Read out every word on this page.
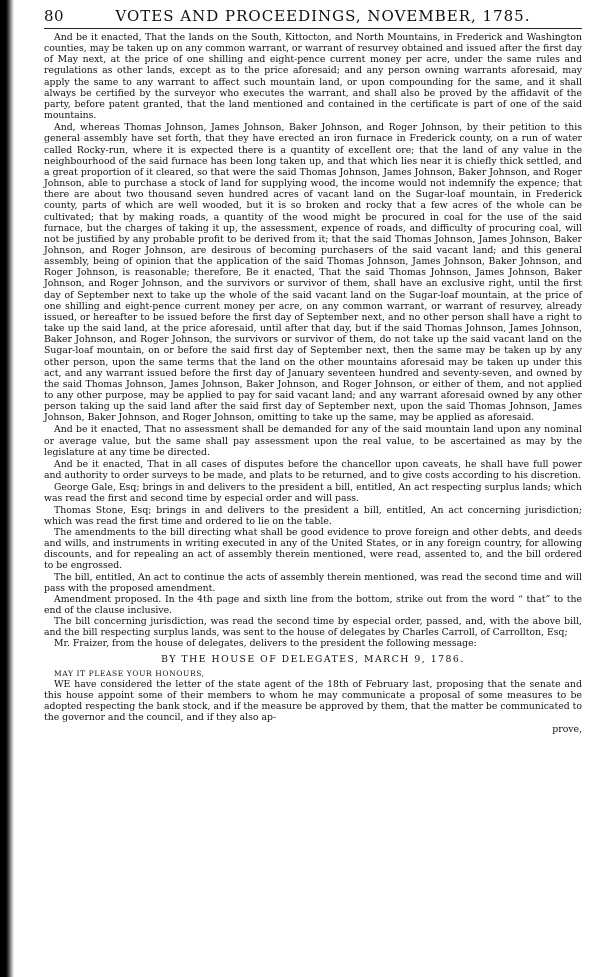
80	VOTES AND PROCEEDINGS, NOVEMBER, 1785.

And be it enacted, That the lands on the South, Kittocton, and North Mountains, in Frederick and Washington counties, may be taken up on any common warrant, or warrant of resurvey obtained and issued after the first day of May next, at the price of one shilling and eight-pence current money per acre, under the same rules and regulations as other lands, except as to the price aforesaid; and any person owning warrants aforesaid, may apply the same to any warrant to affect such mountain land, or upon compounding for the same, and it shall always be certified by the surveyor who executes the warrant, and shall also be proved by the affidavit of the party, before patent granted, that the land mentioned and contained in the certificate is part of one of the said mountains.

And, whereas Thomas Johnson, James Johnson, Baker Johnson, and Roger Johnson, by their petition to this general assembly have set forth, that they have erected an iron furnace in Frederick county, on a run of water called Rocky-run, where it is expected there is a quantity of excellent ore; that the land of any value in the neighbourhood of the said furnace has been long taken up, and that which lies near it is chiefly thick settled, and a great proportion of it cleared, so that were the said Thomas Johnson, James Johnson, Baker Johnson, and Roger Johnson, able to purchase a stock of land for supplying wood, the income would not indemnify the expence; that there are about two thousand seven hundred acres of vacant land on the Sugar-loaf mountain, in Frederick county, parts of which are well wooded, but it is so broken and rocky that a few acres of the whole can be cultivated; that by making roads, a quantity of the wood might be procured in coal for the use of the said furnace, but the charges of taking it up, the assessment, expence of roads, and difficulty of procuring coal, will not be justified by any probable profit to be derived from it; that the said Thomas Johnson, James Johnson, Baker Johnson, and Roger Johnson, are desirous of becoming purchasers of the said vacant land; and this general assembly, being of opinion that the application of the said Thomas Johnson, James Johnson, Baker Johnson, and Roger Johnson, is reasonable; therefore, Be it enacted, That the said Thomas Johnson, James Johnson, Baker Johnson, and Roger Johnson, and the survivors or survivor of them, shall have an exclusive right, until the first day of September next to take up the whole of the said vacant land on the Sugar-loaf mountain, at the price of one shilling and eight-pence current money per acre, on any common warrant, or warrant of resurvey, already issued, or hereafter to be issued before the first day of September next, and no other person shall have a right to take up the said land, at the price aforesaid, until after that day, but if the said Thomas Johnson, James Johnson, Baker Johnson, and Roger Johnson, the survivors or survivor of them, do not take up the said vacant land on the Sugar-loaf mountain, on or before the said first day of September next, then the same may be taken up by any other person, upon the same terms that the land on the other mountains aforesaid may be taken up under this act, and any warrant issued before the first day of January seventeen hundred and seventy-seven, and owned by the said Thomas Johnson, James Johnson, Baker Johnson, and Roger Johnson, or either of them, and not applied to any other purpose, may be applied to pay for said vacant land; and any warrant aforesaid owned by any other person taking up the said land after the said first day of September next, upon the said Thomas Johnson, James Johnson, Baker Johnson, and Roger Johnson, omitting to take up the same, may be applied as aforesaid.

And be it enacted, That no assessment shall be demanded for any of the said mountain land upon any nominal or average value, but the same shall pay assessment upon the real value, to be ascertained as may by the legislature at any time be directed.

And be it enacted, That in all cases of disputes before the chancellor upon caveats, he shall have full power and authority to order surveys to be made, and plats to be returned, and to give costs according to his discretion.

George Gale, Esq; brings in and delivers to the president a bill, entitled, An act respecting surplus lands; which was read the first and second time by especial order and will pass.

Thomas Stone, Esq; brings in and delivers to the president a bill, entitled, An act concerning jurisdiction; which was read the first time and ordered to lie on the table.

The amendments to the bill directing what shall be good evidence to prove foreign and other debts, and deeds and wills, and instruments in writing executed in any of the United States, or in any foreign country, for allowing discounts, and for repealing an act of assembly therein mentioned, were read, assented to, and the bill ordered to be engrossed.

The bill, entitled, An act to continue the acts of assembly therein mentioned, was read the second time and will pass with the proposed amendment.

Amendment proposed. In the 4th page and sixth line from the bottom, strike out from the word “ that” to the end of the clause inclusive.

The bill concerning jurisdiction, was read the second time by especial order, passed, and, with the above bill, and the bill respecting surplus lands, was sent to the house of delegates by Charles Carroll, of Carrollton, Esq;

Mr. Fraizer, from the house of delegates, delivers to the president the following message:

BY THE HOUSE OF DELEGATES, MARCH 9, 1786.

MAY IT PLEASE YOUR HONOURS,

WE have considered the letter of the state agent of the 18th of February last, proposing that the senate and this house appoint some of their members to whom he may communicate a proposal of some measures to be adopted respecting the bank stock, and if the measure be approved by them, that the matter be communicated to the governor and the council, and if they also ap-

prove,
